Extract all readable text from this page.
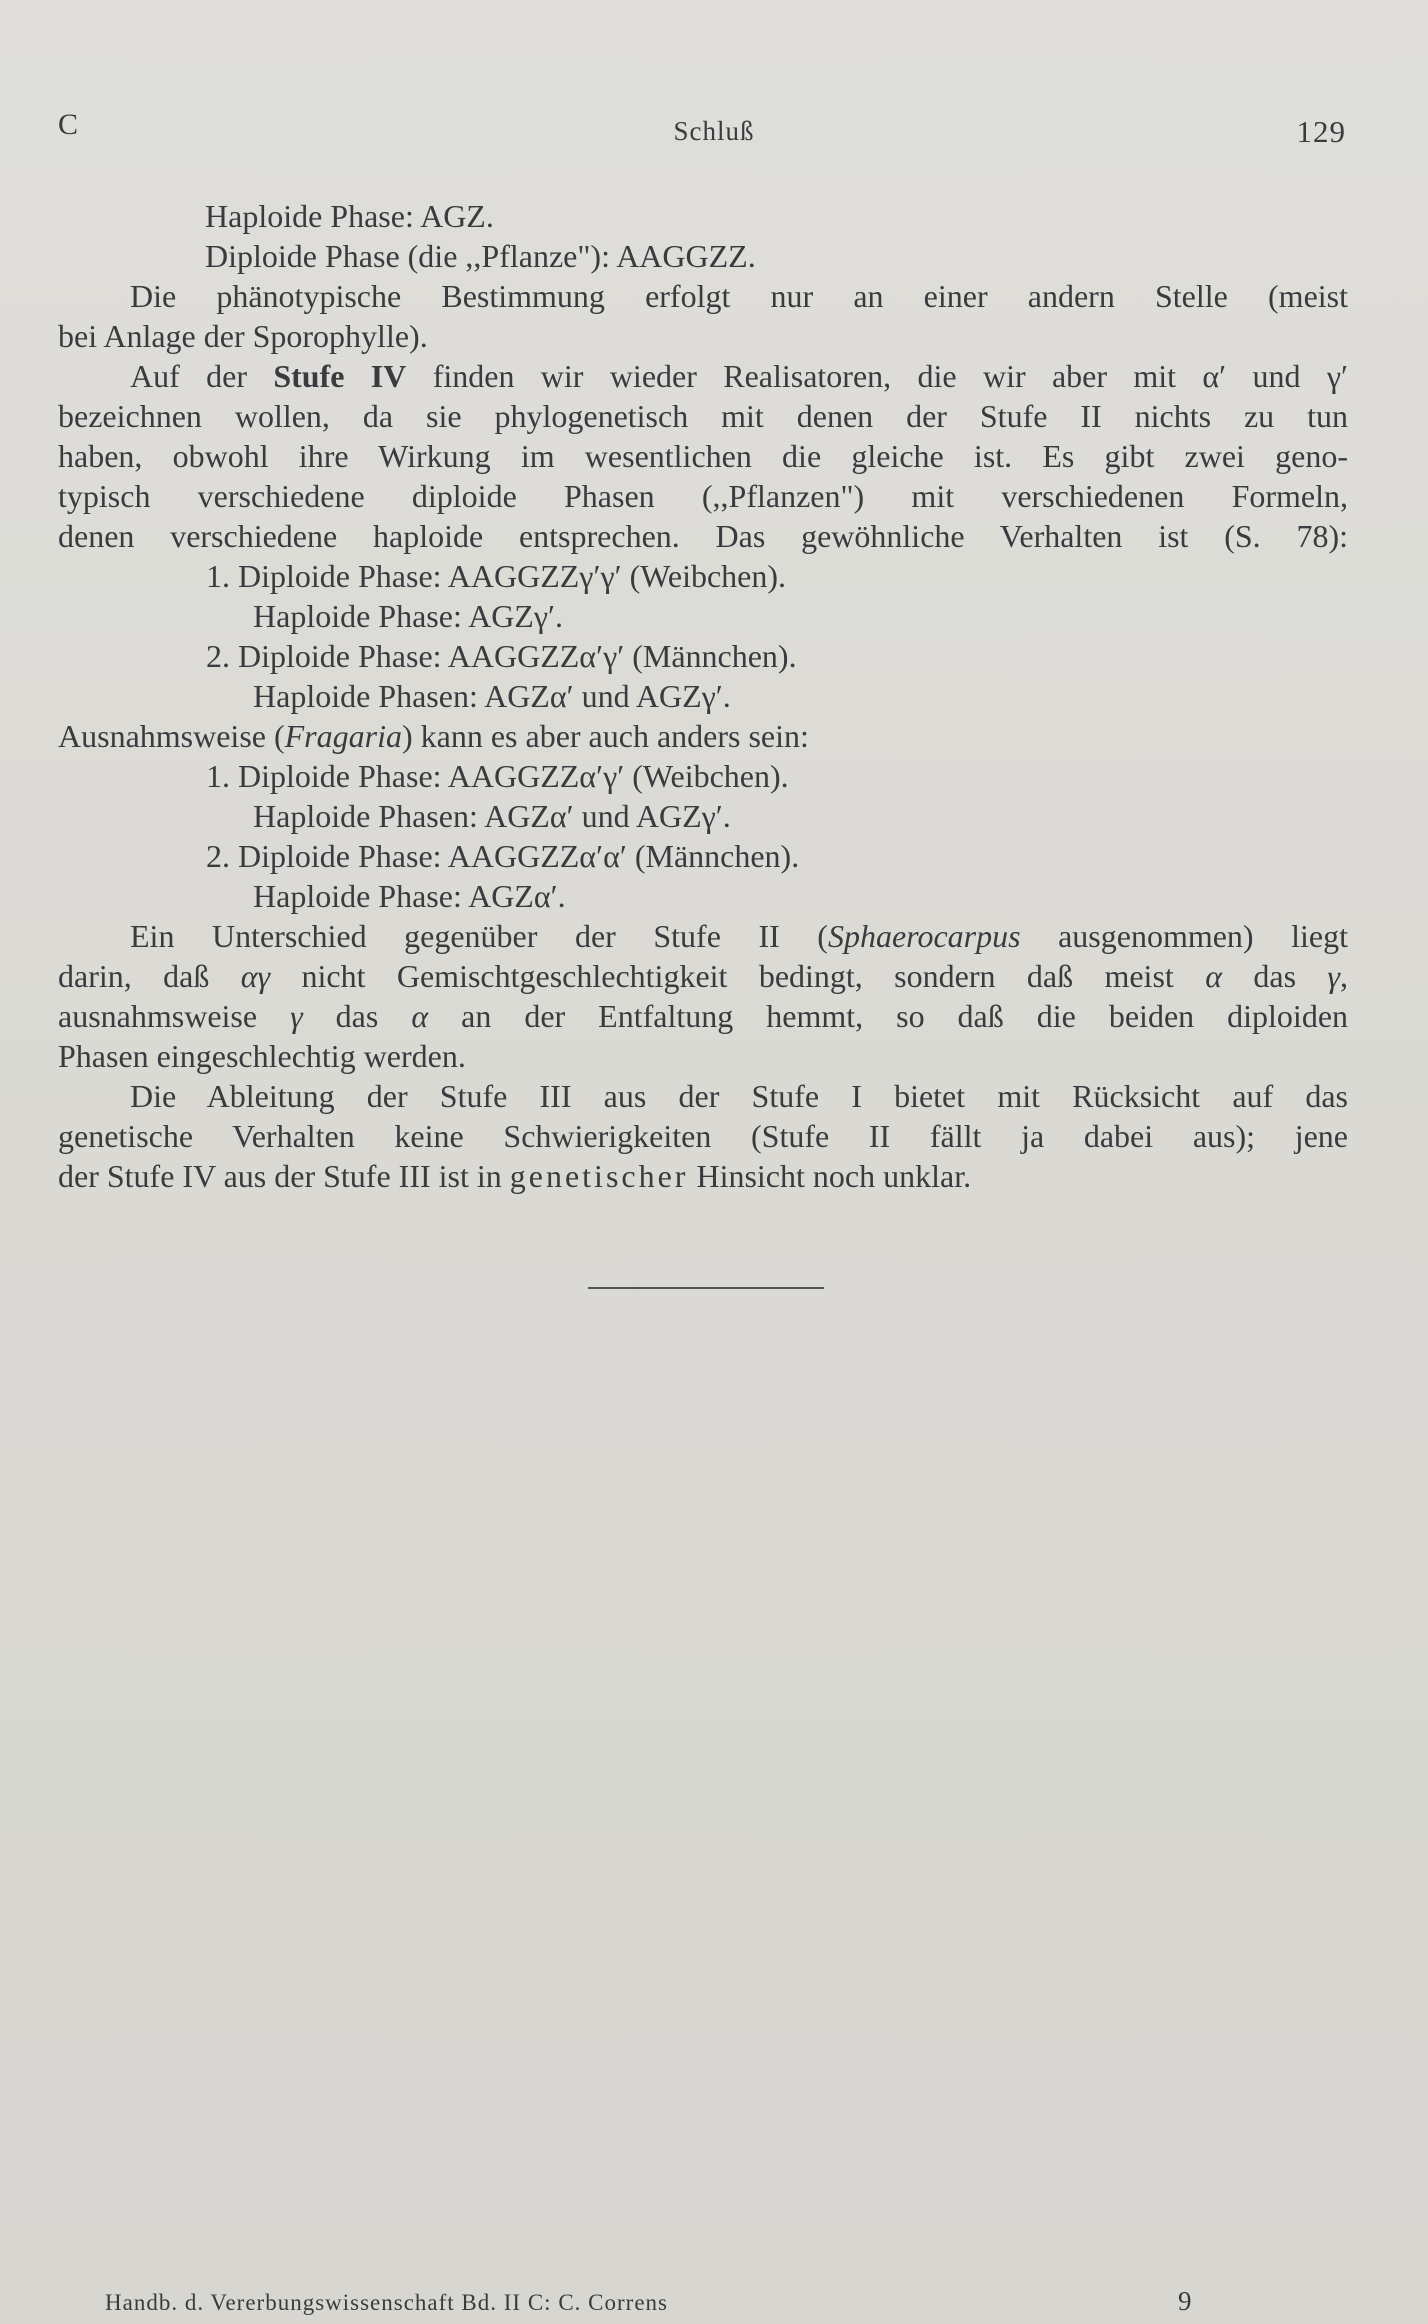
C	Schluß	129
Haploide Phase: AGZ.
Diploide Phase (die ,,Pflanze"): AAGGZZ.
Die phänotypische Bestimmung erfolgt nur an einer andern Stelle (meist
bei Anlage der Sporophylle).
Auf der Stufe IV finden wir wieder Realisatoren, die wir aber mit α′ und γ′
bezeichnen wollen, da sie phylogenetisch mit denen der Stufe II nichts zu tun
haben, obwohl ihre Wirkung im wesentlichen die gleiche ist. Es gibt zwei geno-
typisch verschiedene diploide Phasen (,,Pflanzen") mit verschiedenen Formeln,
denen verschiedene haploide entsprechen. Das gewöhnliche Verhalten ist (S. 78):
1. Diploide Phase: AAGGZZγ′γ′ (Weibchen).
Haploide Phase: AGZγ′.
2. Diploide Phase: AAGGZZα′γ′ (Männchen).
Haploide Phasen: AGZα′ und AGZγ′.
Ausnahmsweise (Fragaria) kann es aber auch anders sein:
1. Diploide Phase: AAGGZZα′γ′ (Weibchen).
Haploide Phasen: AGZα′ und AGZγ′.
2. Diploide Phase: AAGGZZα′α′ (Männchen).
Haploide Phase: AGZα′.
Ein Unterschied gegenüber der Stufe II (Sphaerocarpus ausgenommen) liegt
darin, daß αγ nicht Gemischtgeschlechtigkeit bedingt, sondern daß meist α das γ,
ausnahmsweise γ das α an der Entfaltung hemmt, so daß die beiden diploiden
Phasen eingeschlechtig werden.
Die Ableitung der Stufe III aus der Stufe I bietet mit Rücksicht auf das
genetische Verhalten keine Schwierigkeiten (Stufe II fällt ja dabei aus); jene
der Stufe IV aus der Stufe III ist in genetischer Hinsicht noch unklar.
Handb. d. Vererbungswissenschaft Bd. II C: C. Correns	9
